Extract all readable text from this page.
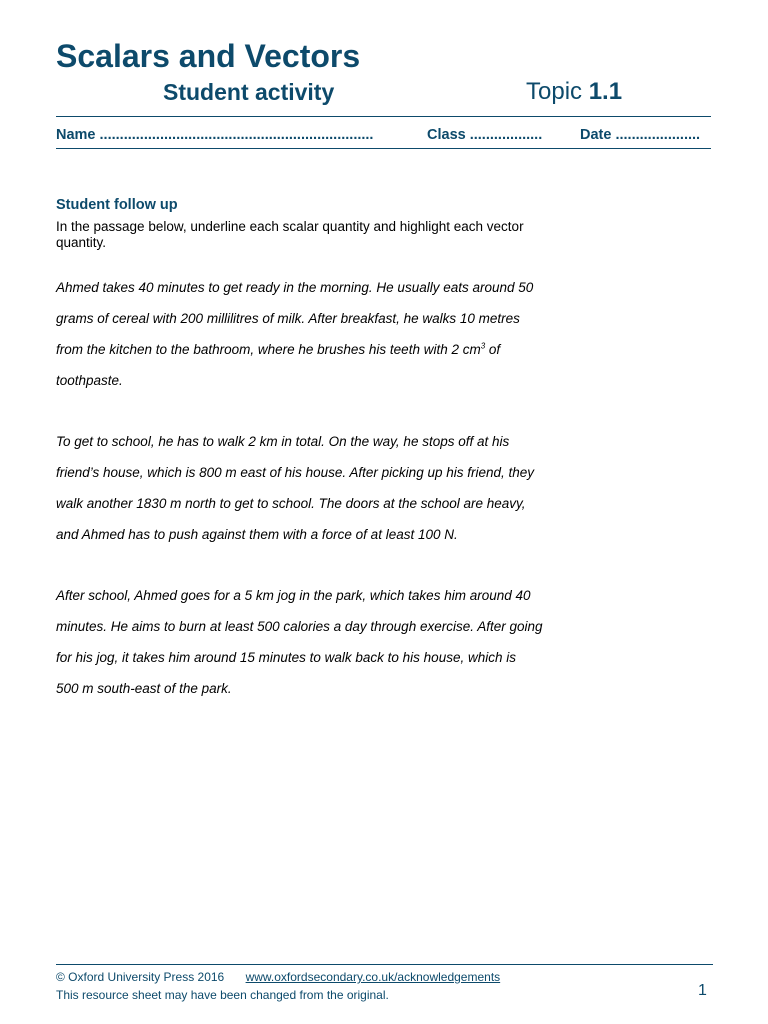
Scalars and Vectors
Student activity	Topic 1.1
Name ....................................................................	Class ..................	Date .....................
Student follow up
In the passage below, underline each scalar quantity and highlight each vector quantity.
Ahmed takes 40 minutes to get ready in the morning. He usually eats around 50
grams of cereal with 200 millilitres of milk. After breakfast, he walks 10 metres
from the kitchen to the bathroom, where he brushes his teeth with 2 $cm^3$ of
toothpaste.
To get to school, he has to walk 2 km in total. On the way, he stops off at his
friend’s house, which is 800 m east of his house. After picking up his friend, they
walk another 1830 m north to get to school. The doors at the school are heavy,
and Ahmed has to push against them with a force of at least 100 N.
After school, Ahmed goes for a 5 km jog in the park, which takes him around 40
minutes. He aims to burn at least 500 calories a day through exercise. After going
for his jog, it takes him around 15 minutes to walk back to his house, which is
500 m south-east of the park.
© Oxford University Press 2016 www.oxfordsecondary.co.uk/acknowledgements
This resource sheet may have been changed from the original.	1
